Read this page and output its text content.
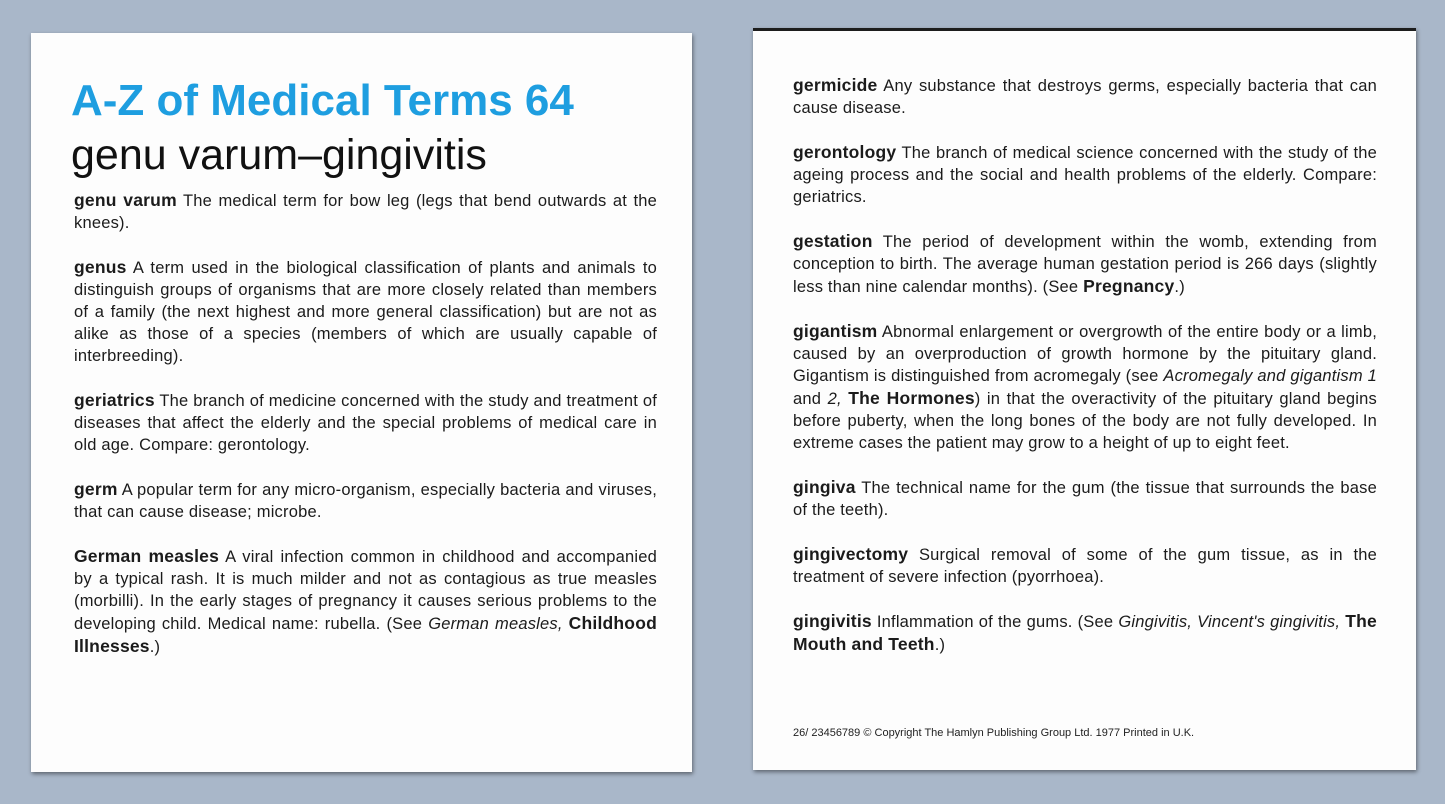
A-Z of Medical Terms 64
genu varum–gingivitis

genu varum The medical term for bow leg (legs that bend outwards at the knees).

genus A term used in the biological classification of plants and animals to distinguish groups of organisms that are more closely related than members of a family (the next highest and more general classification) but are not as alike as those of a species (members of which are usually capable of interbreeding).

geriatrics The branch of medicine concerned with the study and treatment of diseases that affect the elderly and the special problems of medical care in old age. Compare: gerontology.

germ A popular term for any micro-organism, especially bacteria and viruses, that can cause disease; microbe.

German measles A viral infection common in childhood and accompanied by a typical rash. It is much milder and not as contagious as true measles (morbilli). In the early stages of pregnancy it causes serious problems to the developing child. Medical name: rubella. (See German measles, Childhood Illnesses.)

germicide Any substance that destroys germs, especially bacteria that can cause disease.

gerontology The branch of medical science concerned with the study of the ageing process and the social and health problems of the elderly. Compare: geriatrics.

gestation The period of development within the womb, extending from conception to birth. The average human gestation period is 266 days (slightly less than nine calendar months). (See Pregnancy.)

gigantism Abnormal enlargement or overgrowth of the entire body or a limb, caused by an overproduction of growth hormone by the pituitary gland. Gigantism is distinguished from acromegaly (see Acromegaly and gigantism 1 and 2, The Hormones) in that the overactivity of the pituitary gland begins before puberty, when the long bones of the body are not fully developed. In extreme cases the patient may grow to a height of up to eight feet.

gingiva The technical name for the gum (the tissue that surrounds the base of the teeth).

gingivectomy Surgical removal of some of the gum tissue, as in the treatment of severe infection (pyorrhoea).

gingivitis Inflammation of the gums. (See Gingivitis, Vincent's gingivitis, The Mouth and Teeth.)

26/ 23456789 © Copyright The Hamlyn Publishing Group Ltd. 1977 Printed in U.K.
